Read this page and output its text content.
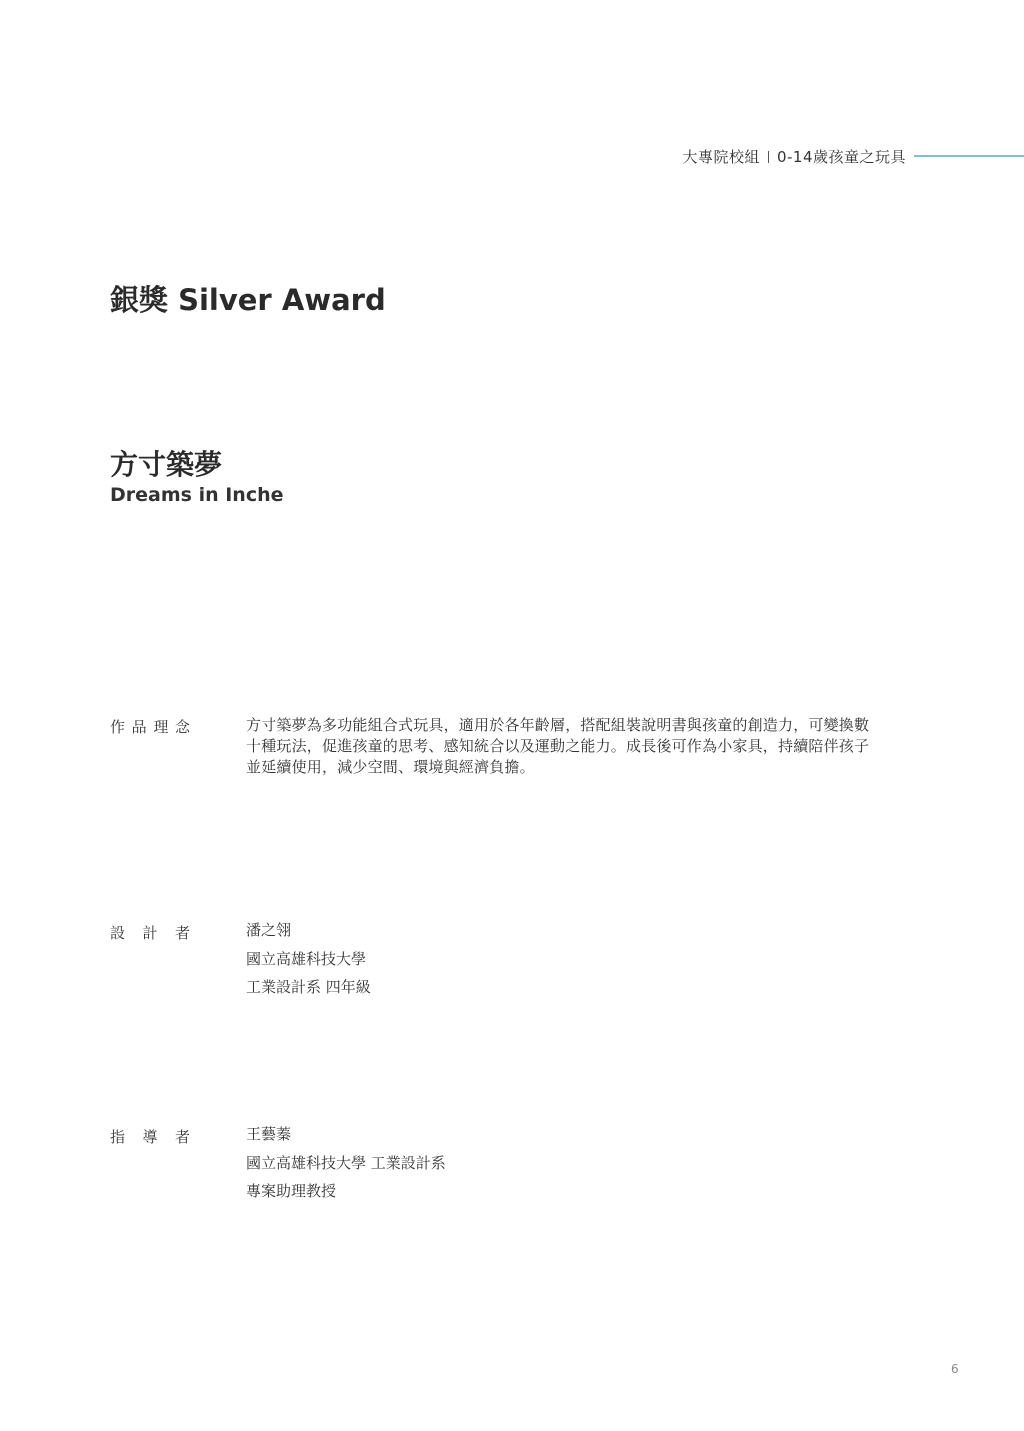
大專院校組 0-14歲孩童之玩具
銀獎 Silver Award
方寸築夢
Dreams in Inche
作 品 理 念	方寸築夢為多功能組合式玩具，適用於各年齡層，搭配組裝說明書與孩童的創造力，可變換數十種玩法，促進孩童的思考、感知統合以及運動之能力。成長後可作為小家具，持續陪伴孩子並延續使用，減少空間、環境與經濟負擔。
設 計 者	潘之翎
國立高雄科技大學
工業設計系 四年級
指 導 者	王藝蓁
國立高雄科技大學 工業設計系
專案助理教授
6
